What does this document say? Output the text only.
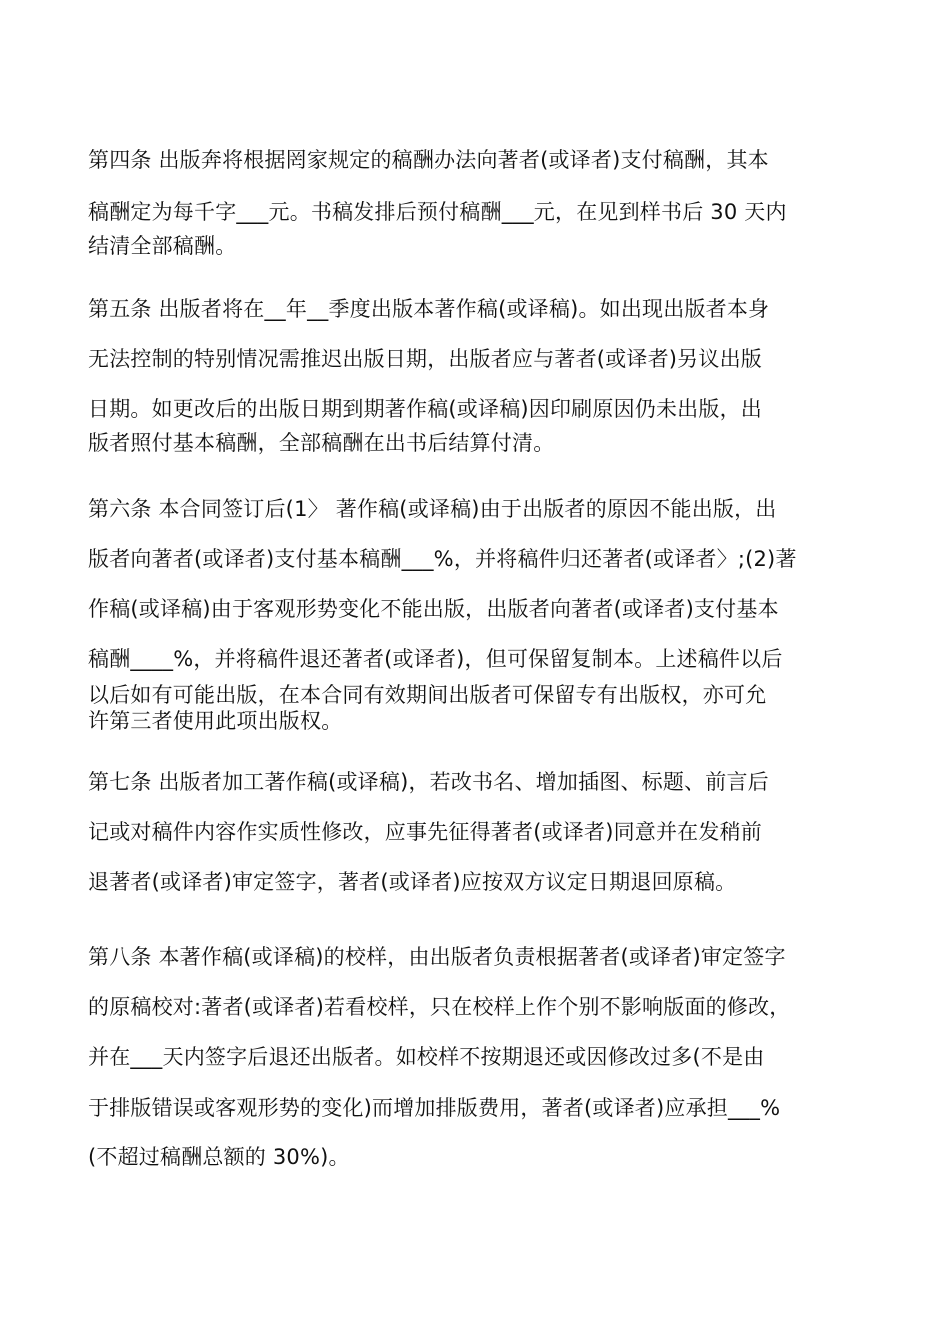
第四条 出版奔将根据罔家规定的稿酬办法向著者(或译者)支付稿酬，其本
稿酬定为每千字___元。书稿发排后预付稿酬___元，在见到样书后 30 天内
结清全部稿酬。
第五条 出版者将在__年__季度出版本著作稿(或译稿)。如出现出版者本身
无法控制的特别情况需推迟出版日期，出版者应与著者(或译者)另议出版
日期。如更改后的出版日期到期著作稿(或译稿)因印刷原因仍未出版，出
版者照付基本稿酬，全部稿酬在出书后结算付清。
第六条 本合同签订后(1〉 著作稿(或译稿)由于出版者的原因不能出版，出
版者向著者(或译者)支付基本稿酬___%，并将稿件归还著者(或译者〉;(2)著
作稿(或译稿)由于客观形势变化不能出版，出版者向著者(或译者)支付基本
稿酬____%，并将稿件退还著者(或译者)，但可保留复制本。上述稿件以后
以后如有可能出版，在本合同有效期间出版者可保留专有出版权，亦可允
许第三者使用此项出版权。
第七条 出版者加工著作稿(或译稿)，若改书名、增加插图、标题、前言后
记或对稿件内容作实质性修改，应事先征得著者(或译者)同意并在发稍前
退著者(或译者)审定签字，著者(或译者)应按双方议定日期退回原稿。
第八条 本著作稿(或译稿)的校样，由出版者负责根据著者(或译者)审定签字
的原稿校对:著者(或译者)若看校样，只在校样上作个别不影响版面的修改，
并在___天内签字后退还出版者。如校样不按期退还或因修改过多(不是由
于排版错误或客观形势的变化)而增加排版费用，著者(或译者)应承担___%
(不超过稿酬总额的 30%)。
